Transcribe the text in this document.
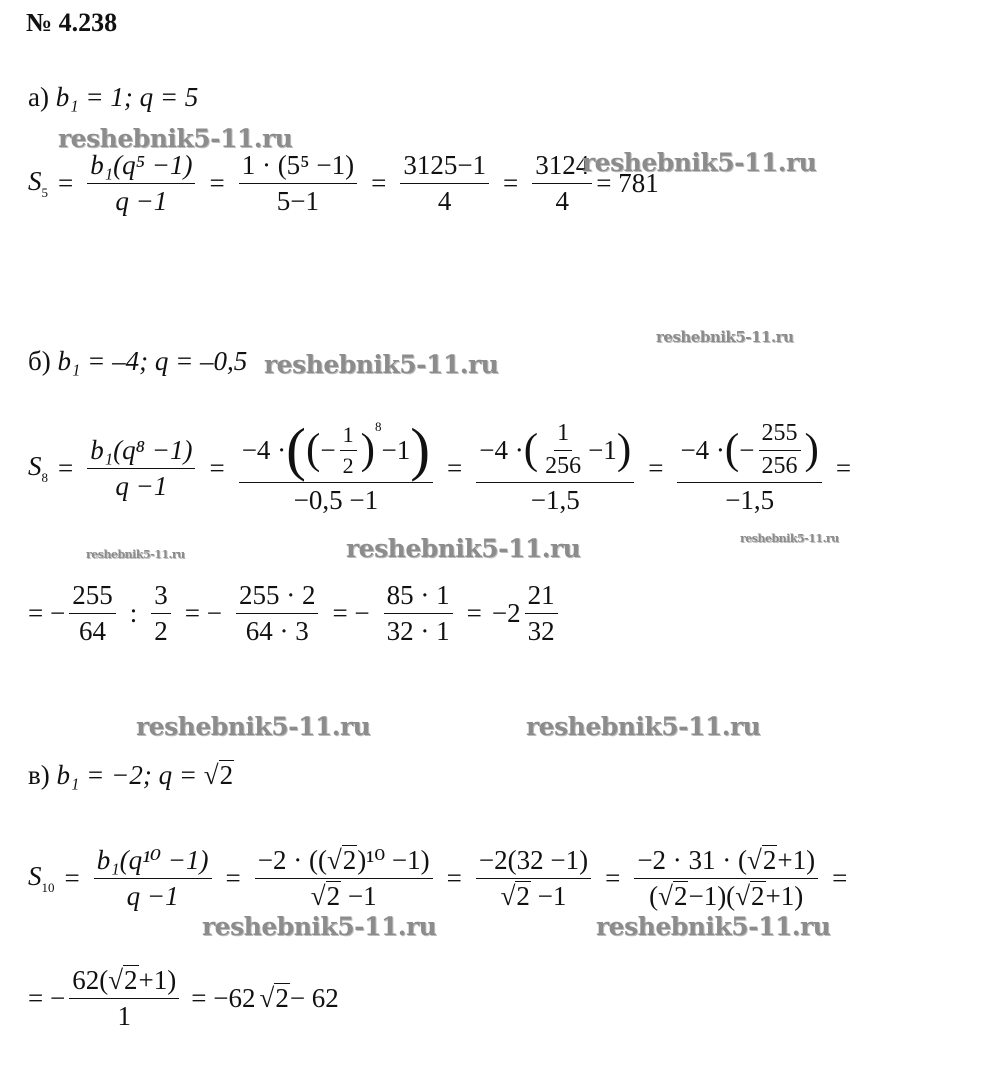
№ 4.238
а)
b₁ = 1; q = 5
$S_5 = \frac{\text{b₁(q⁵ −1)}}{q -1} = \frac{\text{1 · (5⁵ −1)}}{5-1} = \frac{3125-1}{4} = \frac{3124}{4} = 781$
б)
b₁ = –4; q = –0,5
$S_8 = \frac{\text{b₁(q⁸ −1)}}{q -1} = -4$ · ( ( − $\frac{1}{2}$ ) 8
−1 )
$-0,5 -1 = \frac{-4 \cdot ( \frac{1}{256} -1 )}{-1,5} = \frac{-4 \cdot ( - \frac{255}{256} )}{-1,5}$ =
= − $\frac{255}{64}$ : $\frac{3}{2}$ = − $\frac{255 \cdot 2}{64 \cdot 3}$ = − $\frac{85 \cdot 1}{32 \cdot 1} = -2 \frac{21}{32}$
в)
b₁ = −2; q =
√ 2
$S_{10} = \frac{\text{b₁(q¹⁰ −1)}}{q -1} = \frac{\text{−2 · (( √ 2 )¹⁰ −1)}}{√ 2 -1} = \frac{-2(32 -1)}{√ 2 -1} = \frac{-2 \cdot 31 \cdot ( √ 2 +1)}{( √ 2 -1)( √ 2 +1)}$ =
= − $\frac{62( √ 2 +1)}{1} = -62$ √ 2 − 62
reshebnik5-11.ru
reshebnik5-11.ru
reshebnik5-11.ru
reshebnik5-11.ru
reshebnik5-11.ru
reshebnik5-11.ru
reshebnik5-11.ru
reshebnik5-11.ru	reshebnik5-11.ru
reshebnik5-11.ru	reshebnik5-11.ru
